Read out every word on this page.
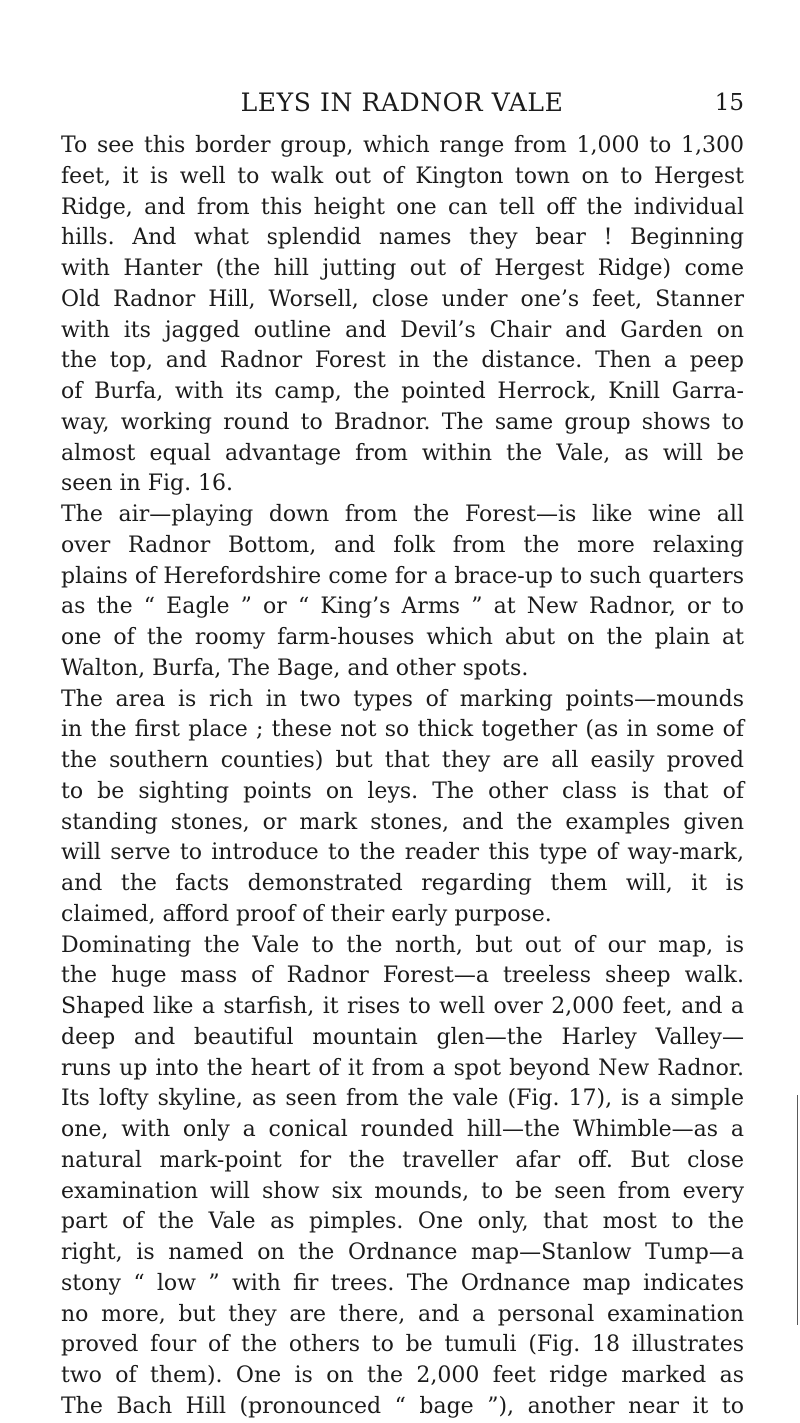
LEYS IN RADNOR VALE	15
To see this border group, which range from 1,000 to 1,300
feet, it is well to walk out of Kington town on to Hergest
Ridge, and from this height one can tell off the individual
hills. And what splendid names they bear ! Beginning
with Hanter (the hill jutting out of Hergest Ridge) come
Old Radnor Hill, Worsell, close under one’s feet, Stanner
with its jagged outline and Devil’s Chair and Garden on
the top, and Radnor Forest in the distance. Then a peep
of Burfa, with its camp, the pointed Herrock, Knill Garra-
way, working round to Bradnor. The same group shows to
almost equal advantage from within the Vale, as will be
seen in Fig. 16.
The air—playing down from the Forest—is like wine all
over Radnor Bottom, and folk from the more relaxing
plains of Herefordshire come for a brace-up to such quarters
as the “ Eagle ” or “ King’s Arms ” at New Radnor, or to
one of the roomy farm-houses which abut on the plain at
Walton, Burfa, The Bage, and other spots.
The area is rich in two types of marking points—mounds
in the first place ; these not so thick together (as in some of
the southern counties) but that they are all easily proved
to be sighting points on leys. The other class is that of
standing stones, or mark stones, and the examples given
will serve to introduce to the reader this type of way-mark,
and the facts demonstrated regarding them will, it is
claimed, afford proof of their early purpose.
Dominating the Vale to the north, but out of our map, is
the huge mass of Radnor Forest—a treeless sheep walk.
Shaped like a starfish, it rises to well over 2,000 feet, and a
deep and beautiful mountain glen—the Harley Valley—
runs up into the heart of it from a spot beyond New Radnor.
Its lofty skyline, as seen from the vale (Fig. 17), is a simple
one, with only a conical rounded hill—the Whimble—as a
natural mark-point for the traveller afar off. But close
examination will show six mounds, to be seen from every
part of the Vale as pimples. One only, that most to the
right, is named on the Ordnance map—Stanlow Tump—a
stony “ low ” with fir trees. The Ordnance map indicates
no more, but they are there, and a personal examination
proved four of the others to be tumuli (Fig. 18 illustrates
two of them). One is on the 2,000 feet ridge marked as
The Bach Hill (pronounced “ bage ”), another near it to
